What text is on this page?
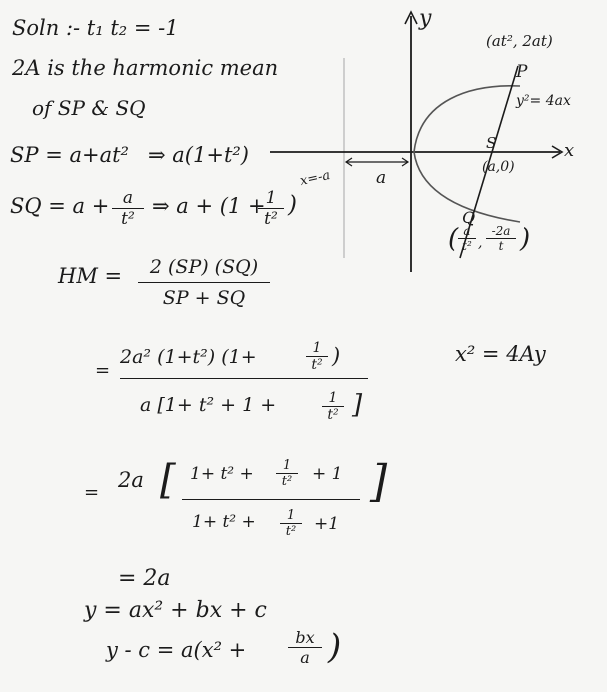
Soln :- t₁ t₂ = -1
2A is the harmonic mean
of SP & SQ
SP = a+at² ⇒ a(1+t²)
SQ = a + a
t²
⇒ a + (1 + 1
t²
)
HM =	2 (SP) (SQ)
SP + SQ
=
2a² (1+t²) (1+	1
t² )
a [1+ t² + 1 +	1
t² ]
x² = 4Ay
=
2a [ 1+ t² +	1
t²	+ 1
1+ t² +	1
t²	+1
]
= 2a
y = ax² + bx + c
y - c = a(x² +
bx
a )
y
x
(at², 2at)
P
y²= 4ax
S
(a,0)
x=-a	a
Q
( a
t² ,
-2a
t )
